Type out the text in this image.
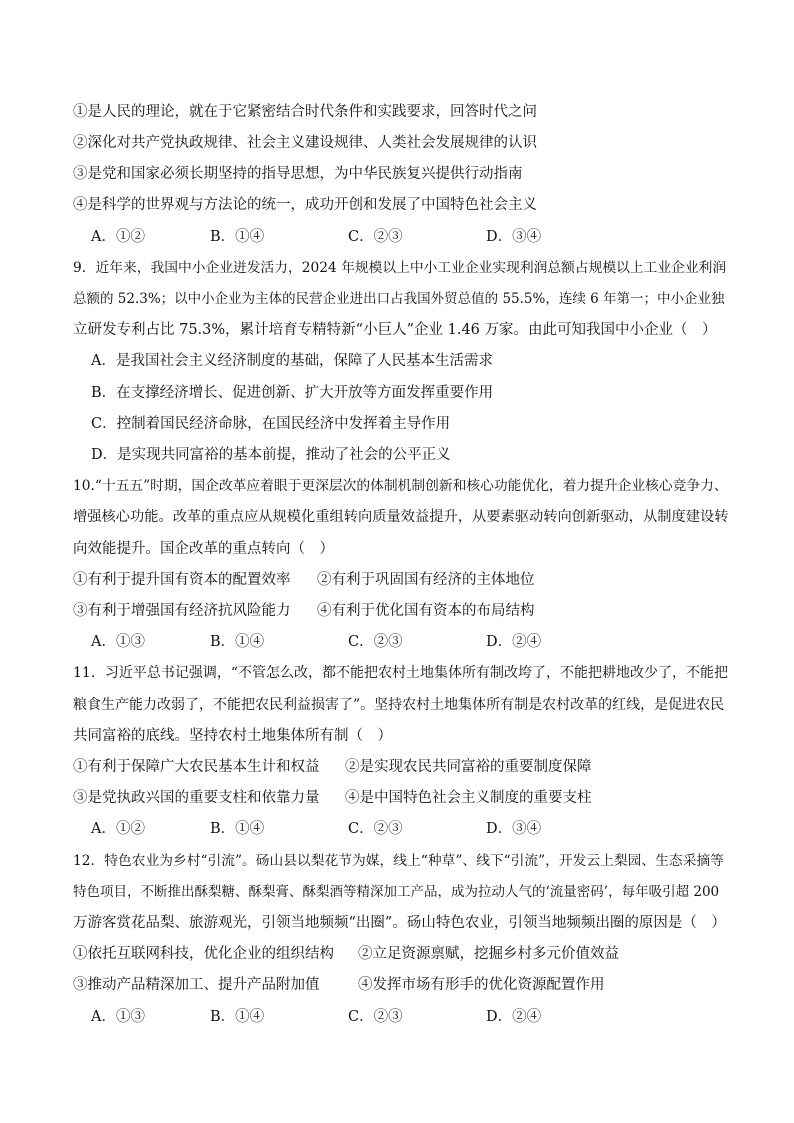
①是人民的理论，就在于它紧密结合时代条件和实践要求，回答时代之问
②深化对共产党执政规律、社会主义建设规律、人类社会发展规律的认识
③是党和国家必须长期坚持的指导思想，为中华民族复兴提供行动指南
④是科学的世界观与方法论的统一，成功开创和发展了中国特色社会主义
A．①②	B．①④	C．②③	D．③④
9．近年来，我国中小企业迸发活力，2024 年规模以上中小工业企业实现利润总额占规模以上工业企业利润
总额的 52.3%；以中小企业为主体的民营企业进出口占我国外贸总值的 55.5%，连续 6 年第一；中小企业独
立研发专利占比 75.3%，累计培育专精特新“小巨人”企业 1.46 万家。由此可知我国中小企业（　）
A．是我国社会主义经济制度的基础，保障了人民基本生活需求
B．在支撑经济增长、促进创新、扩大开放等方面发挥重要作用
C．控制着国民经济命脉，在国民经济中发挥着主导作用
D．是实现共同富裕的基本前提，推动了社会的公平正义
10.“十五五”时期，国企改革应着眼于更深层次的体制机制创新和核心功能优化，着力提升企业核心竞争力、
增强核心功能。改革的重点应从规模化重组转向质量效益提升，从要素驱动转向创新驱动，从制度建设转
向效能提升。国企改革的重点转向（　）
①有利于提升国有资本的配置效率 ②有利于巩固国有经济的主体地位
③有利于增强国有经济抗风险能力 ④有利于优化国有资本的布局结构
A．①③	B．①④	C．②③	D．②④
11．习近平总书记强调，“不管怎么改，都不能把农村土地集体所有制改垮了，不能把耕地改少了，不能把
粮食生产能力改弱了，不能把农民利益损害了”。坚持农村土地集体所有制是农村改革的红线，是促进农民
共同富裕的底线。坚持农村土地集体所有制（　）
①有利于保障广大农民基本生计和权益 ②是实现农民共同富裕的重要制度保障
③是党执政兴国的重要支柱和依靠力量 ④是中国特色社会主义制度的重要支柱
A．①②	B．①④	C．②③	D．③④
12．特色农业为乡村“引流”。砀山县以梨花节为媒，线上“种草”、线下“引流”，开发云上梨园、生态采摘等
特色项目，不断推出酥梨糖、酥梨膏、酥梨酒等精深加工产品，成为拉动人气的‘流量密码’，每年吸引超 200
万游客赏花品梨、旅游观光，引领当地频频“出圈”。砀山特色农业，引领当地频频出圈的原因是（　）
①依托互联网科技，优化企业的组织结构 ②立足资源禀赋，挖掘乡村多元价值效益
③推动产品精深加工、提升产品附加值	④发挥市场有形手的优化资源配置作用
A．①③	B．①④	C．②③	D．②④
